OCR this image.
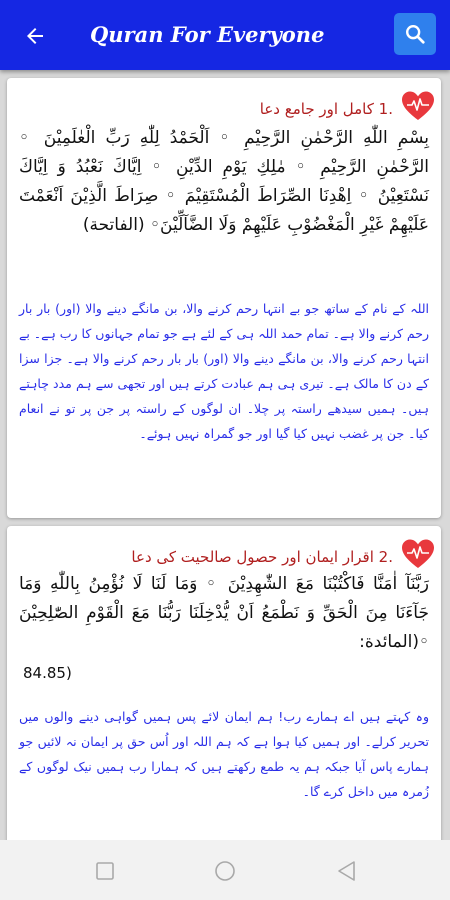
Quran For Everyone
.1 کامل اور جامع دعا
بِسْمِ اللّٰهِ الرَّحْمٰنِ الرَّحِیْمِ ◦ اَلْحَمْدُ لِلّٰهِ رَبِّ الْعٰلَمِیْنَ ◦ الرَّحْمٰنِ الرَّحِیْمِ ◦ مٰلِكِ یَوْمِ الدِّیْنِ ◦ اِیَّاكَ نَعْبُدُ وَ اِیَّاكَ نَسْتَعِیْنُ ◦ اِهْدِنَا الصِّرَاطَ الْمُسْتَقِیْمَ ◦ صِرَاطَ الَّذِیْنَ اَنْعَمْتَ عَلَیْهِمْ غَیْرِ الْمَغْضُوْبِ عَلَیْهِمْ وَلَا الضَّآلِّیْنَ◦ (الفاتحة)
اللہ کے نام کے ساتھ جو بے انتہا رحم کرنے والا، بن مانگے دینے والا (اور) بار بار رحم کرنے والا ہے۔ تمام حمد اللہ ہی کے لئے ہے جو تمام جہانوں کا رب ہے۔ بے انتہا رحم کرنے والا، بن مانگے دینے والا (اور) بار بار رحم کرنے والا ہے۔ جزا سزا کے دن کا مالک ہے۔ تیری ہی ہم عبادت کرتے ہیں اور تجھی سے ہم مدد چاہتے ہیں۔ ہمیں سیدھے راستہ پر چلا۔ ان لوگوں کے راستہ پر جن پر تو نے انعام کیا۔ جن پر غضب نہیں کیا گیا اور جو گمراہ نہیں ہوئے۔
.2 اقرار ایمان اور حصول صالحیت کی دعا
رَبَّنَآ اٰمَنَّا فَاكْتُبْنَا مَعَ الشّٰهِدِیْنَ ◦ وَمَا لَنَا لَا نُؤْمِنُ بِاللّٰهِ وَمَا جَآءَنَا مِنَ الْحَقِّ وَ نَطْمَعُ اَنْ یُّدْخِلَنَا رَبُّنَا مَعَ الْقَوْمِ الصّٰلِحِیْنَ ◦(المائدة:
84.85)
وہ کہتے ہیں اے ہمارے رب! ہم ایمان لائے پس ہمیں گواہی دینے والوں میں تحریر کرلے۔ اور ہمیں کیا ہوا ہے کہ ہم اللہ اور اُس حق پر ایمان نہ لائیں جو ہمارے پاس آیا جبکہ ہم یہ طمع رکھتے ہیں کہ ہمارا رب ہمیں نیک لوگوں کے زُمرہ میں داخل کرے گا۔
